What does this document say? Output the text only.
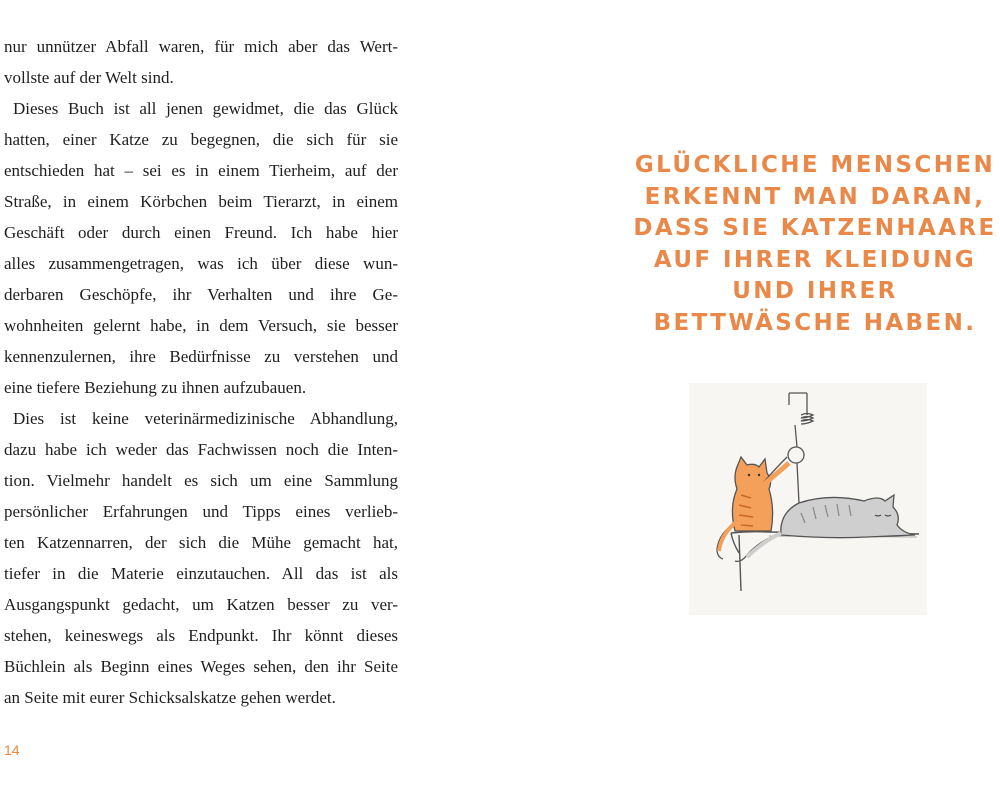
nur unnützer Abfall waren, für mich aber das Wert-
vollste auf der Welt sind.
Dieses Buch ist all jenen gewidmet, die das Glück
hatten, einer Katze zu begegnen, die sich für sie
entschieden hat – sei es in einem Tierheim, auf der
Straße, in einem Körbchen beim Tierarzt, in einem
Geschäft oder durch einen Freund. Ich habe hier
alles zusammengetragen, was ich über diese wun-
derbaren Geschöpfe, ihr Verhalten und ihre Ge-
wohnheiten gelernt habe, in dem Versuch, sie besser
kennenzulernen, ihre Bedürfnisse zu verstehen und
eine tiefere Beziehung zu ihnen aufzubauen.
Dies ist keine veterinärmedizinische Abhandlung,
dazu habe ich weder das Fachwissen noch die Inten-
tion. Vielmehr handelt es sich um eine Sammlung
persönlicher Erfahrungen und Tipps eines verlieb-
ten Katzennarren, der sich die Mühe gemacht hat,
tiefer in die Materie einzutauchen. All das ist als
Ausgangspunkt gedacht, um Katzen besser zu ver-
stehen, keineswegs als Endpunkt. Ihr könnt dieses
Büchlein als Beginn eines Weges sehen, den ihr Seite
an Seite mit eurer Schicksalskatze gehen werdet.
14
GLÜCKLICHE MENSCHEN
ERKENNT MAN DARAN,
DASS SIE KATZENHAARE
AUF IHRER KLEIDUNG
UND IHRER
BETTWÄSCHE HABEN.
